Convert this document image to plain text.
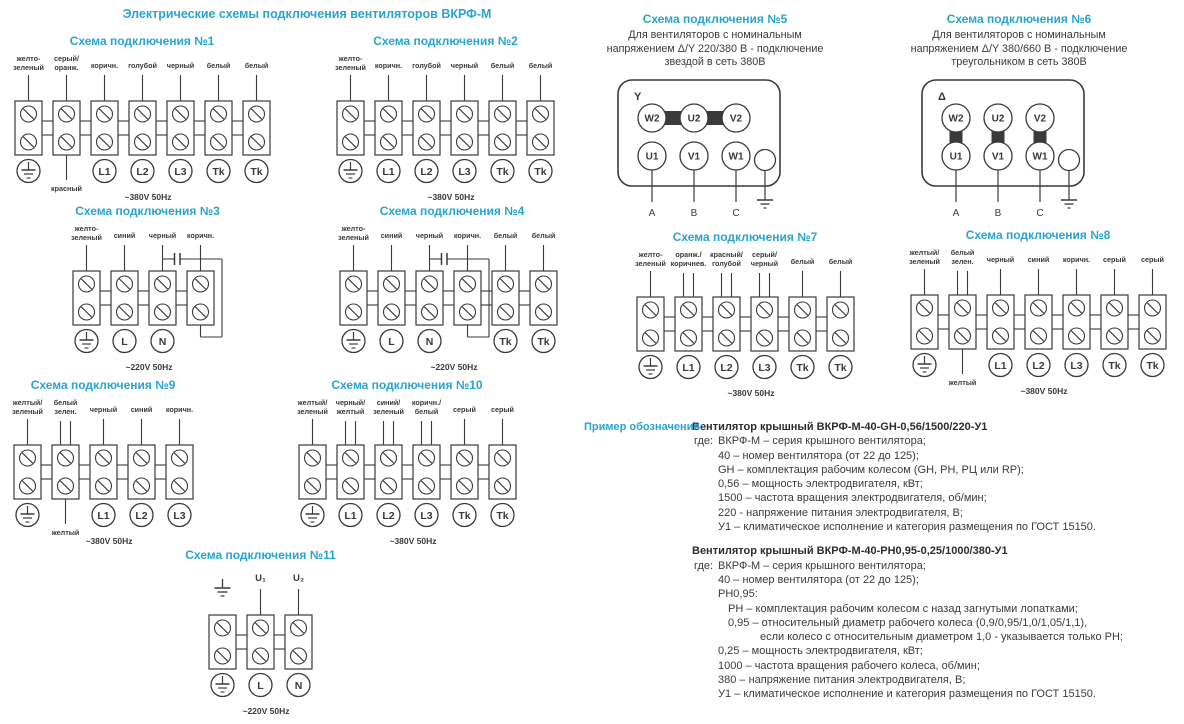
Электрические схемы подключения вентиляторов ВКРФ-М
Схема подключения №1
желто-
зеленый
серый/
оранж.
красный
коричн.
L1
голубой
L2
черный
L3
белый
Tk
белый
Tk
~380V 50Hz
Схема подключения №2
желто-
зеленый коричн.
L1
голубой
L2
черный
L3
белый
Tk
белый
Tk
~380V 50Hz
Схема подключения №3
желто-
зеленый синий
L
черный
N
коричн.
~220V 50Hz
Схема подключения №4
желто-
зеленый синий
L
черный
N
коричн. белый
Tk
белый
Tk
~220V 50Hz
Схема подключения №5
Для вентиляторов с номинальным
напряжением Δ/Y 220/380 В - подключение
звездой в сеть 380В
Y
W2
U1
A
U2
V1
B
V2
W1
C
Схема подключения №6
Для вентиляторов с номинальным
напряжением Δ/Y 380/660 В - подключение
треугольником в сеть 380В
Δ
W2
U1
A
U2
V1
B
V2
W1
C
Схема подключения №7
желто-
зеленый
оранж./
коричнев.
L1
красный/
голубой
L2
серый/
черный
L3
белый
Tk
белый
Tk
~380V 50Hz
Схема подключения №8
желтый/
зеленый
белый
зелен.
желтый
черный
L1
синий
L2
коричн.
L3
серый
Tk
серый
Tk
~380V 50Hz
Схема подключения №9
желтый/
зеленый
белый
зелен.
желтый
черный
L1
синий
L2
коричн.
L3
~380V 50Hz
Схема подключения №10
желтый/
зеленый
черный/
желтый
L1
синий/
зеленый
L2
коричн./
белый
L3
серый
Tk
серый
Tk
~380V 50Hz
Схема подключения №11
U₁
L
U₂
N
~220V 50Hz
Пример обозначения:
Вентилятор крышный ВКРФ-М-40-GH-0,56/1500/220-У1
где: ВКРФ-М – серия крышного вентилятора;
40 – номер вентилятора (от 22 до 125);
GH – комплектация рабочим колесом (GH, PH, РЦ или RP);
0,56 – мощность электродвигателя, кВт;
1500 – частота вращения электродвигателя, об/мин;
220 - напряжение питания электродвигателя, В;
У1 – климатическое исполнение и категория размещения по ГОСТ 15150.
Вентилятор крышный ВКРФ-М-40-РН0,95-0,25/1000/380-У1
где: ВКРФ-М – серия крышного вентилятора;
40 – номер вентилятора (от 22 до 125);
РН0,95:
РН – комплектация рабочим колесом с назад загнутыми лопатками;
0,95 – относительный диаметр рабочего колеса (0,9/0,95/1,0/1,05/1,1),
если колесо с относительным диаметром 1,0 - указывается только РН;
0,25 – мощность электродвигателя, кВт;
1000 – частота вращения рабочего колеса, об/мин;
380 – напряжение питания электродвигателя, В;
У1 – климатическое исполнение и категория размещения по ГОСТ 15150.
